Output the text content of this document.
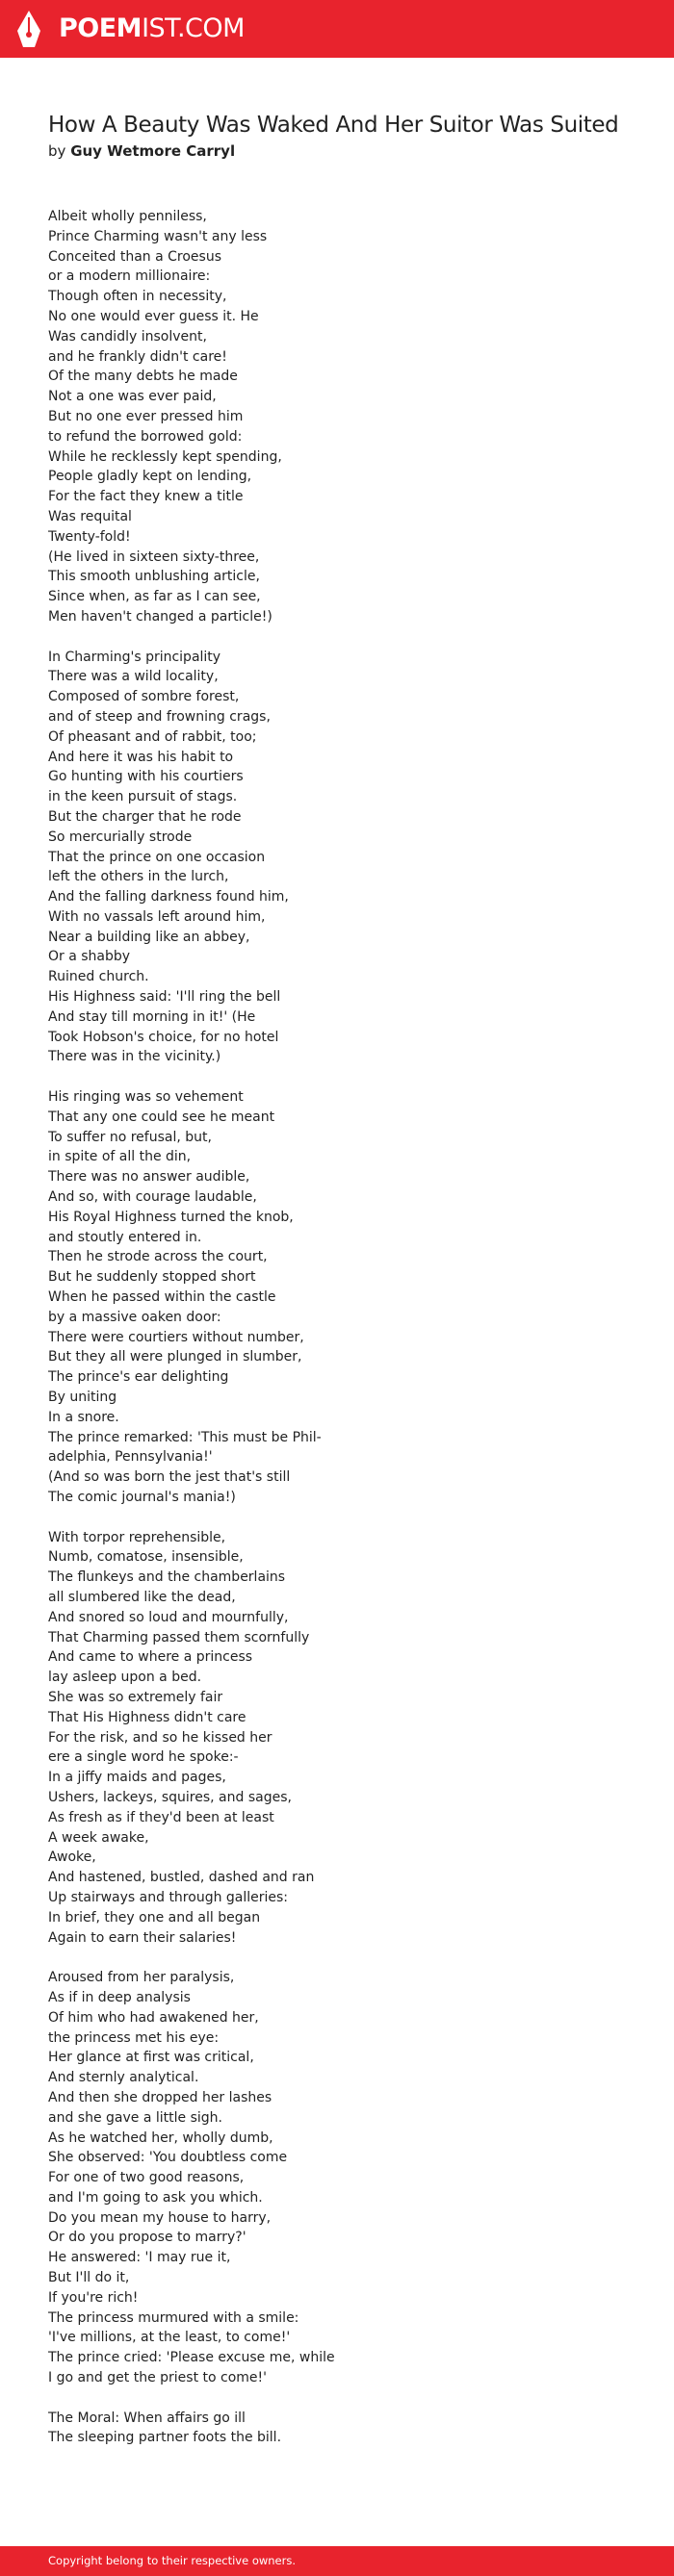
POEMIST.COM
How A Beauty Was Waked And Her Suitor Was Suited
by Guy Wetmore Carryl
Albeit wholly penniless,
Prince Charming wasn't any less
Conceited than a Croesus
or a modern millionaire:
Though often in necessity,
No one would ever guess it. He
Was candidly insolvent,
and he frankly didn't care!
Of the many debts he made
Not a one was ever paid,
But no one ever pressed him
to refund the borrowed gold:
While he recklessly kept spending,
People gladly kept on lending,
For the fact they knew a title
Was requital
Twenty-fold!
(He lived in sixteen sixty-three,
This smooth unblushing article,
Since when, as far as I can see,
Men haven't changed a particle!)
In Charming's principality
There was a wild locality,
Composed of sombre forest,
and of steep and frowning crags,
Of pheasant and of rabbit, too;
And here it was his habit to
Go hunting with his courtiers
in the keen pursuit of stags.
But the charger that he rode
So mercurially strode
That the prince on one occasion
left the others in the lurch,
And the falling darkness found him,
With no vassals left around him,
Near a building like an abbey,
Or a shabby
Ruined church.
His Highness said: 'I'll ring the bell
And stay till morning in it!' (He
Took Hobson's choice, for no hotel
There was in the vicinity.)
His ringing was so vehement
That any one could see he meant
To suffer no refusal, but,
in spite of all the din,
There was no answer audible,
And so, with courage laudable,
His Royal Highness turned the knob,
and stoutly entered in.
Then he strode across the court,
But he suddenly stopped short
When he passed within the castle
by a massive oaken door:
There were courtiers without number,
But they all were plunged in slumber,
The prince's ear delighting
By uniting
In a snore.
The prince remarked: 'This must be Phil-
adelphia, Pennsylvania!'
(And so was born the jest that's still
The comic journal's mania!)
With torpor reprehensible,
Numb, comatose, insensible,
The flunkeys and the chamberlains
all slumbered like the dead,
And snored so loud and mournfully,
That Charming passed them scornfully
And came to where a princess
lay asleep upon a bed.
She was so extremely fair
That His Highness didn't care
For the risk, and so he kissed her
ere a single word he spoke:-
In a jiffy maids and pages,
Ushers, lackeys, squires, and sages,
As fresh as if they'd been at least
A week awake,
Awoke,
And hastened, bustled, dashed and ran
Up stairways and through galleries:
In brief, they one and all began
Again to earn their salaries!
Aroused from her paralysis,
As if in deep analysis
Of him who had awakened her,
the princess met his eye:
Her glance at first was critical,
And sternly analytical.
And then she dropped her lashes
and she gave a little sigh.
As he watched her, wholly dumb,
She observed: 'You doubtless come
For one of two good reasons,
and I'm going to ask you which.
Do you mean my house to harry,
Or do you propose to marry?'
He answered: 'I may rue it,
But I'll do it,
If you're rich!
The princess murmured with a smile:
'I've millions, at the least, to come!'
The prince cried: 'Please excuse me, while
I go and get the priest to come!'
The Moral: When affairs go ill
The sleeping partner foots the bill.
Copyright belong to their respective owners.
